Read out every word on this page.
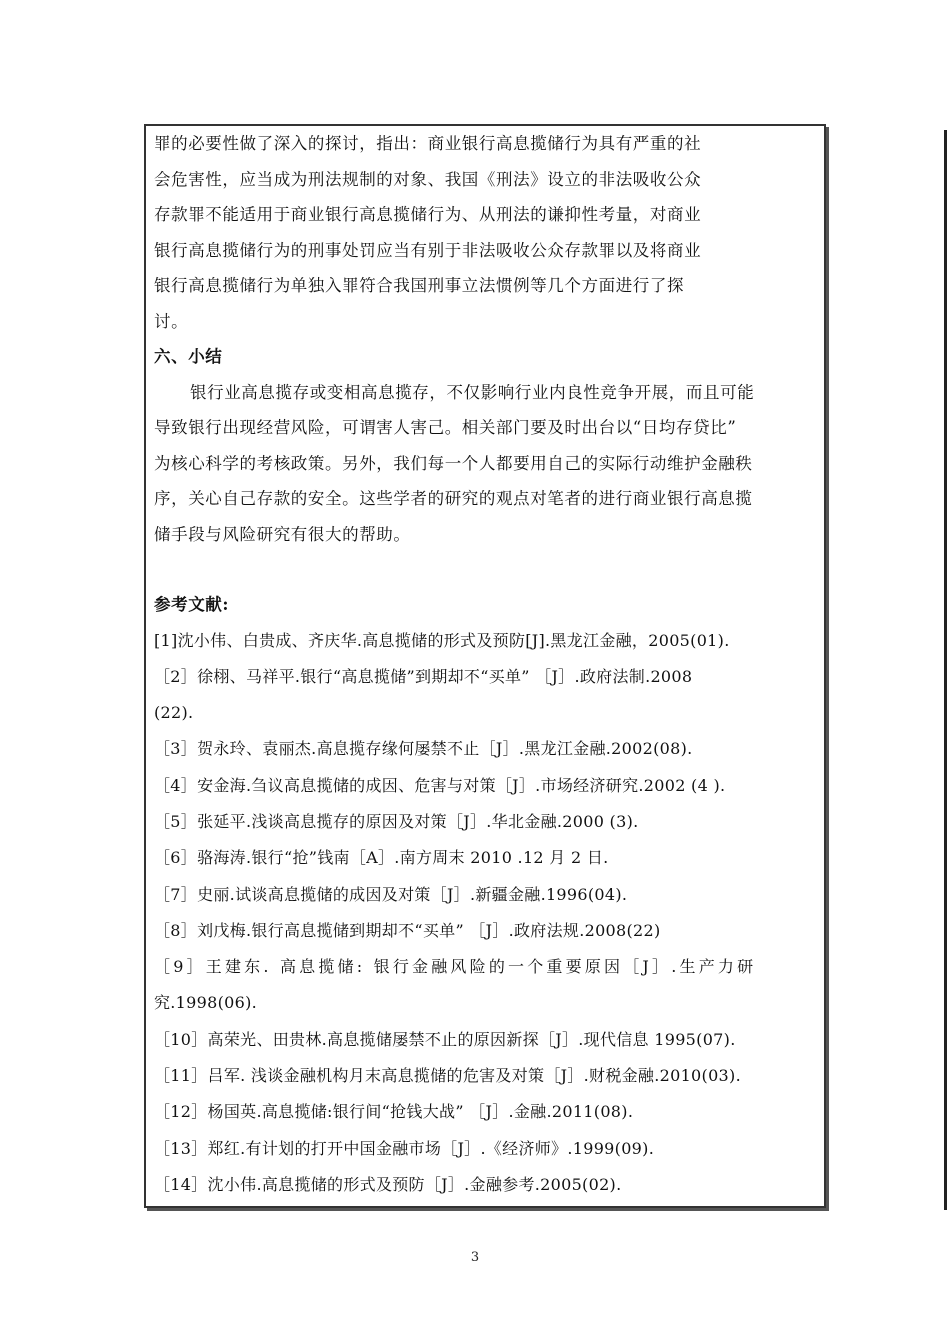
罪的必要性做了深入的探讨，指出：商业银行高息揽储行为具有严重的社
会危害性，应当成为刑法规制的对象、我国《刑法》设立的非法吸收公众
存款罪不能适用于商业银行高息揽储行为、从刑法的谦抑性考量，对商业
银行高息揽储行为的刑事处罚应当有别于非法吸收公众存款罪以及将商业
银行高息揽储行为单独入罪符合我国刑事立法惯例等几个方面进行了探
讨。
六、小结
银行业高息揽存或变相高息揽存，不仅影响行业内良性竞争开展，而且可能
导致银行出现经营风险，可谓害人害己。相关部门要及时出台以“日均存贷比”
为核心科学的考核政策。另外，我们每一个人都要用自己的实际行动维护金融秩
序，关心自己存款的安全。这些学者的研究的观点对笔者的进行商业银行高息揽
储手段与风险研究有很大的帮助。
参考文献:
[1]沈小伟、白贵成、齐庆华.高息揽储的形式及预防[J].黑龙江金融，2005(01).
［2］徐栩、马祥平.银行“高息揽储”到期却不“买单” ［J］.政府法制.2008
(22).
［3］贺永玲、袁丽杰.高息揽存缘何屡禁不止［J］.黑龙江金融.2002(08).
［4］安金海.刍议高息揽储的成因、危害与对策［J］.市场经济研究.2002 (4 ).
［5］张延平.浅谈高息揽存的原因及对策［J］.华北金融.2000 (3).
［6］骆海涛.银行“抢”钱南［A］.南方周末 2010 .12 月 2 日.
［7］史丽.试谈高息揽储的成因及对策［J］.新疆金融.1996(04).
［8］刘戊梅.银行高息揽储到期却不“买单” ［J］.政府法规.2008(22)
［9］王建东. 高息揽储: 银行金融风险的一个重要原因［J］.生产力研
究.1998(06).
［10］高荣光、田贵林.高息揽储屡禁不止的原因新探［J］.现代信息 1995(07).
［11］吕军. 浅谈金融机构月末高息揽储的危害及对策［J］.财税金融.2010(03).
［12］杨国英.高息揽储:银行间“抢钱大战” ［J］.金融.2011(08).
［13］郑红.有计划的打开中国金融市场［J］.《经济师》.1999(09).
［14］沈小伟.高息揽储的形式及预防［J］.金融参考.2005(02).
3
